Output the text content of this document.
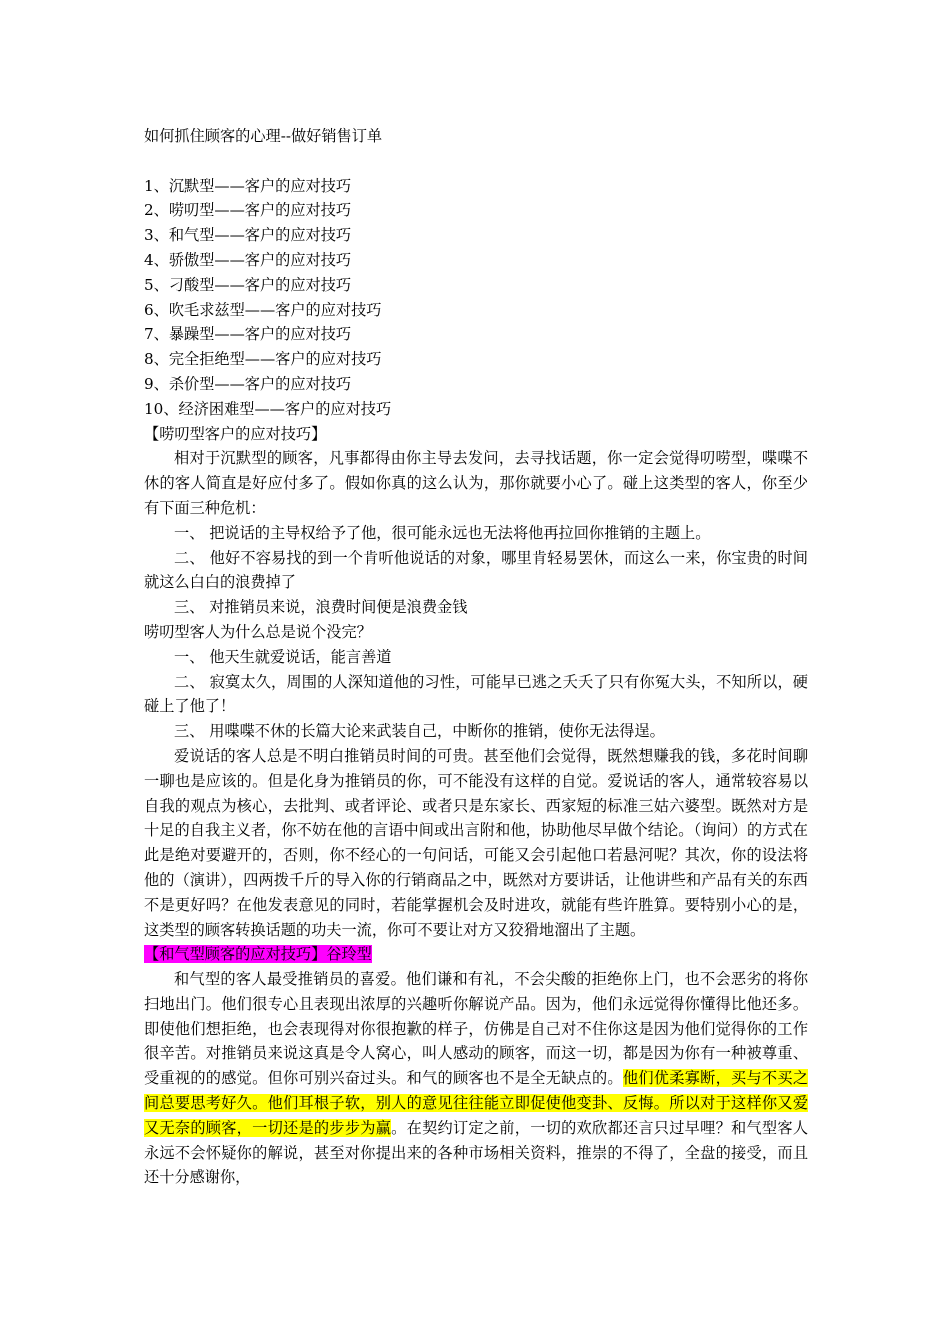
如何抓住顾客的心理--做好销售订单

1、沉默型——客户的应对技巧
2、唠叨型——客户的应对技巧
3、和气型——客户的应对技巧
4、骄傲型——客户的应对技巧
5、刁酸型——客户的应对技巧
6、吹毛求兹型——客户的应对技巧
7、暴躁型——客户的应对技巧
8、完全拒绝型——客户的应对技巧
9、杀价型——客户的应对技巧
10、经济困难型——客户的应对技巧

【唠叨型客户的应对技巧】

相对于沉默型的顾客，凡事都得由你主导去发问，去寻找话题，你一定会觉得叨唠型，喋喋不休的客人简直是好应付多了。假如你真的这么认为，那你就要小心了。碰上这类型的客人，你至少有下面三种危机：

一、 把说话的主导权给予了他，很可能永远也无法将他再拉回你推销的主题上。

二、 他好不容易找的到一个肯听他说话的对象，哪里肯轻易罢休，而这么一来，你宝贵的时间就这么白白的浪费掉了

三、 对推销员来说，浪费时间便是浪费金钱

唠叨型客人为什么总是说个没完？

一、 他天生就爱说话，能言善道

二、 寂寞太久，周围的人深知道他的习性，可能早已逃之夭夭了只有你冤大头，不知所以，硬碰上了他了！

三、 用喋喋不休的长篇大论来武装自己，中断你的推销，使你无法得逞。

爱说话的客人总是不明白推销员时间的可贵。甚至他们会觉得，既然想赚我的钱，多花时间聊一聊也是应该的。但是化身为推销员的你，可不能没有这样的自觉。爱说话的客人，通常较容易以自我的观点为核心，去批判、或者评论、或者只是东家长、西家短的标准三姑六婆型。既然对方是十足的自我主义者，你不妨在他的言语中间或出言附和他，协助他尽早做个结论。（询问）的方式在此是绝对要避开的，否则，你不经心的一句问话，可能又会引起他口若悬河呢？其次，你的设法将他的（演讲），四两拨千斤的导入你的行销商品之中，既然对方要讲话，让他讲些和产品有关的东西不是更好吗？在他发表意见的同时，若能掌握机会及时进攻，就能有些许胜算。要特别小心的是，这类型的顾客转换话题的功夫一流，你可不要让对方又狡猾地溜出了主题。

【和气型顾客的应对技巧】谷玲型

和气型的客人最受推销员的喜爱。他们谦和有礼，不会尖酸的拒绝你上门，也不会恶劣的将你扫地出门。他们很专心且表现出浓厚的兴趣听你解说产品。因为，他们永远觉得你懂得比他还多。即使他们想拒绝，也会表现得对你很抱歉的样子，仿佛是自己对不住你这是因为他们觉得你的工作很辛苦。对推销员来说这真是令人窝心，叫人感动的顾客，而这一切，都是因为你有一种被尊重、受重视的的感觉。但你可别兴奋过头。和气的顾客也不是全无缺点的。他们优柔寡断，买与不买之间总要思考好久。他们耳根子软，别人的意见往往能立即促使他变卦、反悔。所以对于这样你又爱又无奈的顾客，一切还是的步步为赢。在契约订定之前，一切的欢欣都还言只过早哩？和气型客人永远不会怀疑你的解说，甚至对你提出来的各种市场相关资料，推崇的不得了，全盘的接受，而且还十分感谢你，
